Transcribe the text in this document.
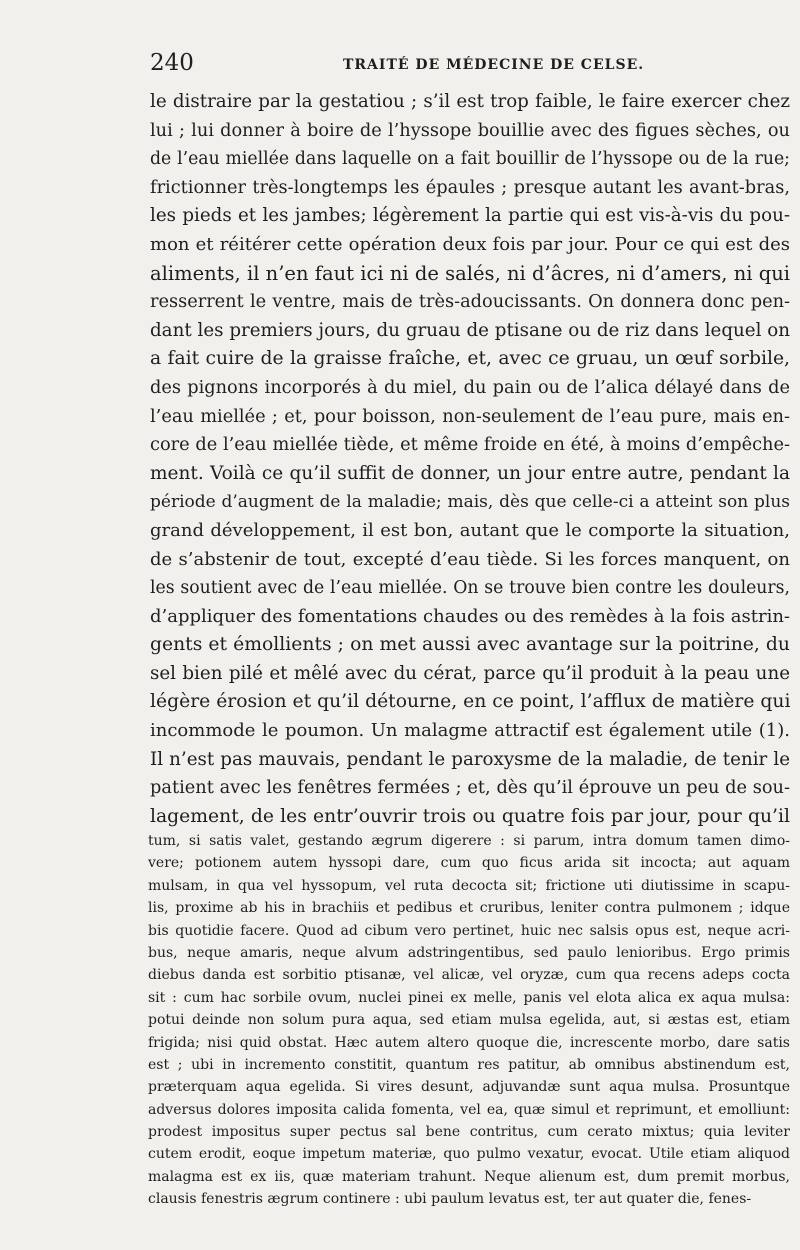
240	TRAITÉ DE MÉDECINE DE CELSE.
le distraire par la gestatiou ; s’il est trop faible, le faire exercer chez
lui ; lui donner à boire de l’hyssope bouillie avec des figues sèches, ou
de l’eau miellée dans laquelle on a fait bouillir de l’hyssope ou de la rue;
frictionner très-longtemps les épaules ; presque autant les avant-bras,
les pieds et les jambes; légèrement la partie qui est vis-à-vis du pou-
mon et réitérer cette opération deux fois par jour. Pour ce qui est des
aliments, il n’en faut ici ni de salés, ni d’âcres, ni d’amers, ni qui
resserrent le ventre, mais de très-adoucissants. On donnera donc pen-
dant les premiers jours, du gruau de ptisane ou de riz dans lequel on
a fait cuire de la graisse fraîche, et, avec ce gruau, un œuf sorbile,
des pignons incorporés à du miel, du pain ou de l’alica délayé dans de
l’eau miellée ; et, pour boisson, non-seulement de l’eau pure, mais en-
core de l’eau miellée tiède, et même froide en été, à moins d’empêche-
ment. Voilà ce qu’il suffit de donner, un jour entre autre, pendant la
période d’augment de la maladie; mais, dès que celle-ci a atteint son plus
grand développement, il est bon, autant que le comporte la situation,
de s’abstenir de tout, excepté d’eau tiède. Si les forces manquent, on
les soutient avec de l’eau miellée. On se trouve bien contre les douleurs,
d’appliquer des fomentations chaudes ou des remèdes à la fois astrin-
gents et émollients ; on met aussi avec avantage sur la poitrine, du
sel bien pilé et mêlé avec du cérat, parce qu’il produit à la peau une
légère érosion et qu’il détourne, en ce point, l’afflux de matière qui
incommode le poumon. Un malagme attractif est également utile (1).
Il n’est pas mauvais, pendant le paroxysme de la maladie, de tenir le
patient avec les fenêtres fermées ; et, dès qu’il éprouve un peu de sou-
lagement, de les entr’ouvrir trois ou quatre fois par jour, pour qu’il
tum, si satis valet, gestando ægrum digerere : si parum, intra domum tamen dimo-
vere; potionem autem hyssopi dare, cum quo ficus arida sit incocta; aut aquam
mulsam, in qua vel hyssopum, vel ruta decocta sit; frictione uti diutissime in scapu-
lis, proxime ab his in brachiis et pedibus et cruribus, leniter contra pulmonem ; idque
bis quotidie facere. Quod ad cibum vero pertinet, huic nec salsis opus est, neque acri-
bus, neque amaris, neque alvum adstringentibus, sed paulo lenioribus. Ergo primis
diebus danda est sorbitio ptisanæ, vel alicæ, vel oryzæ, cum qua recens adeps cocta
sit : cum hac sorbile ovum, nuclei pinei ex melle, panis vel elota alica ex aqua mulsa:
potui deinde non solum pura aqua, sed etiam mulsa egelida, aut, si æstas est, etiam
frigida; nisi quid obstat. Hæc autem altero quoque die, increscente morbo, dare satis
est ; ubi in incremento constitit, quantum res patitur, ab omnibus abstinendum est,
præterquam aqua egelida. Si vires desunt, adjuvandæ sunt aqua mulsa. Prosuntque
adversus dolores imposita calida fomenta, vel ea, quæ simul et reprimunt, et emolliunt:
prodest impositus super pectus sal bene contritus, cum cerato mixtus; quia leviter
cutem erodit, eoque impetum materiæ, quo pulmo vexatur, evocat. Utile etiam aliquod
malagma est ex iis, quæ materiam trahunt. Neque alienum est, dum premit morbus,
clausis fenestris ægrum continere : ubi paulum levatus est, ter aut quater die, fenes-
